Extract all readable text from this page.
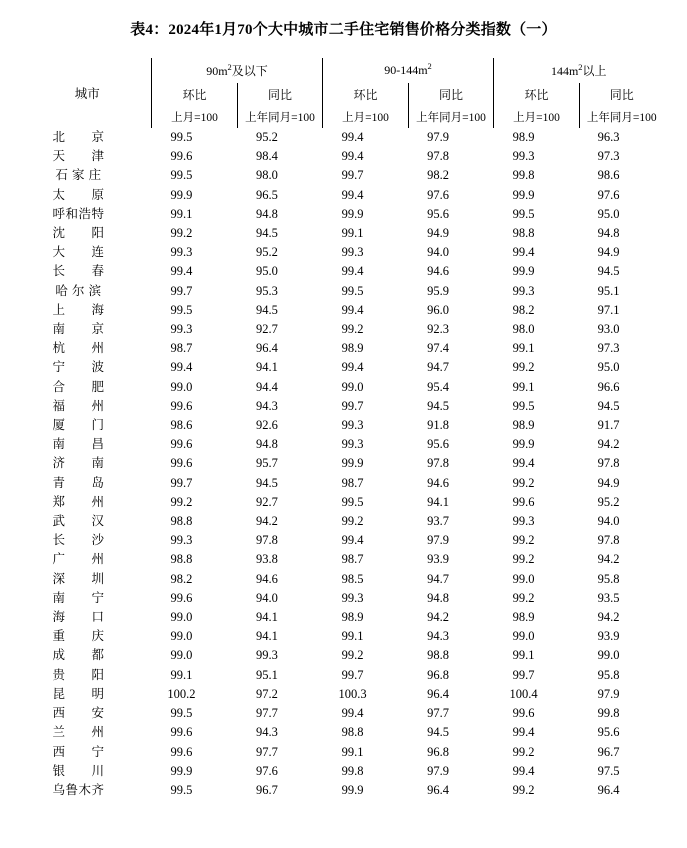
表4：2024年1月70个大中城市二手住宅销售价格分类指数（一）
城市	$90m^2$及以下		$90-144m^2$		$144m^2$以上	
	环比	同比	环比	同比	环比	同比
	上月=100	上年同月=100	上月=100	上年同月=100	上月=100	上年同月=100
北　　京	99.5	95.2	99.4	97.9	98.9	96.3
天　　津	99.6	98.4	99.4	97.8	99.3	97.3
石 家 庄	99.5	98.0	99.7	98.2	99.8	98.6
太　　原	99.9	96.5	99.4	97.6	99.9	97.6
呼和浩特	99.1	94.8	99.9	95.6	99.5	95.0
沈　　阳	99.2	94.5	99.1	94.9	98.8	94.8
大　　连	99.3	95.2	99.3	94.0	99.4	94.9
长　　春	99.4	95.0	99.4	94.6	99.9	94.5
哈 尔 滨	99.7	95.3	99.5	95.9	99.3	95.1
上　　海	99.5	94.5	99.4	96.0	98.2	97.1
南　　京	99.3	92.7	99.2	92.3	98.0	93.0
杭　　州	98.7	96.4	98.9	97.4	99.1	97.3
宁　　波	99.4	94.1	99.4	94.7	99.2	95.0
合　　肥	99.0	94.4	99.0	95.4	99.1	96.6
福　　州	99.6	94.3	99.7	94.5	99.5	94.5
厦　　门	98.6	92.6	99.3	91.8	98.9	91.7
南　　昌	99.6	94.8	99.3	95.6	99.9	94.2
济　　南	99.6	95.7	99.9	97.8	99.4	97.8
青　　岛	99.7	94.5	98.7	94.6	99.2	94.9
郑　　州	99.2	92.7	99.5	94.1	99.6	95.2
武　　汉	98.8	94.2	99.2	93.7	99.3	94.0
长　　沙	99.3	97.8	99.4	97.9	99.2	97.8
广　　州	98.8	93.8	98.7	93.9	99.2	94.2
深　　圳	98.2	94.6	98.5	94.7	99.0	95.8
南　　宁	99.6	94.0	99.3	94.8	99.2	93.5
海　　口	99.0	94.1	98.9	94.2	98.9	94.2
重　　庆	99.0	94.1	99.1	94.3	99.0	93.9
成　　都	99.0	99.3	99.2	98.8	99.1	99.0
贵　　阳	99.1	95.1	99.7	96.8	99.7	95.8
昆　　明	100.2	97.2	100.3	96.4	100.4	97.9
西　　安	99.5	97.7	99.4	97.7	99.6	99.8
兰　　州	99.6	94.3	98.8	94.5	99.4	95.6
西　　宁	99.6	97.7	99.1	96.8	99.2	96.7
银　　川	99.9	97.6	99.8	97.9	99.4	97.5
乌鲁木齐	99.5	96.7	99.9	96.4	99.2	96.4
